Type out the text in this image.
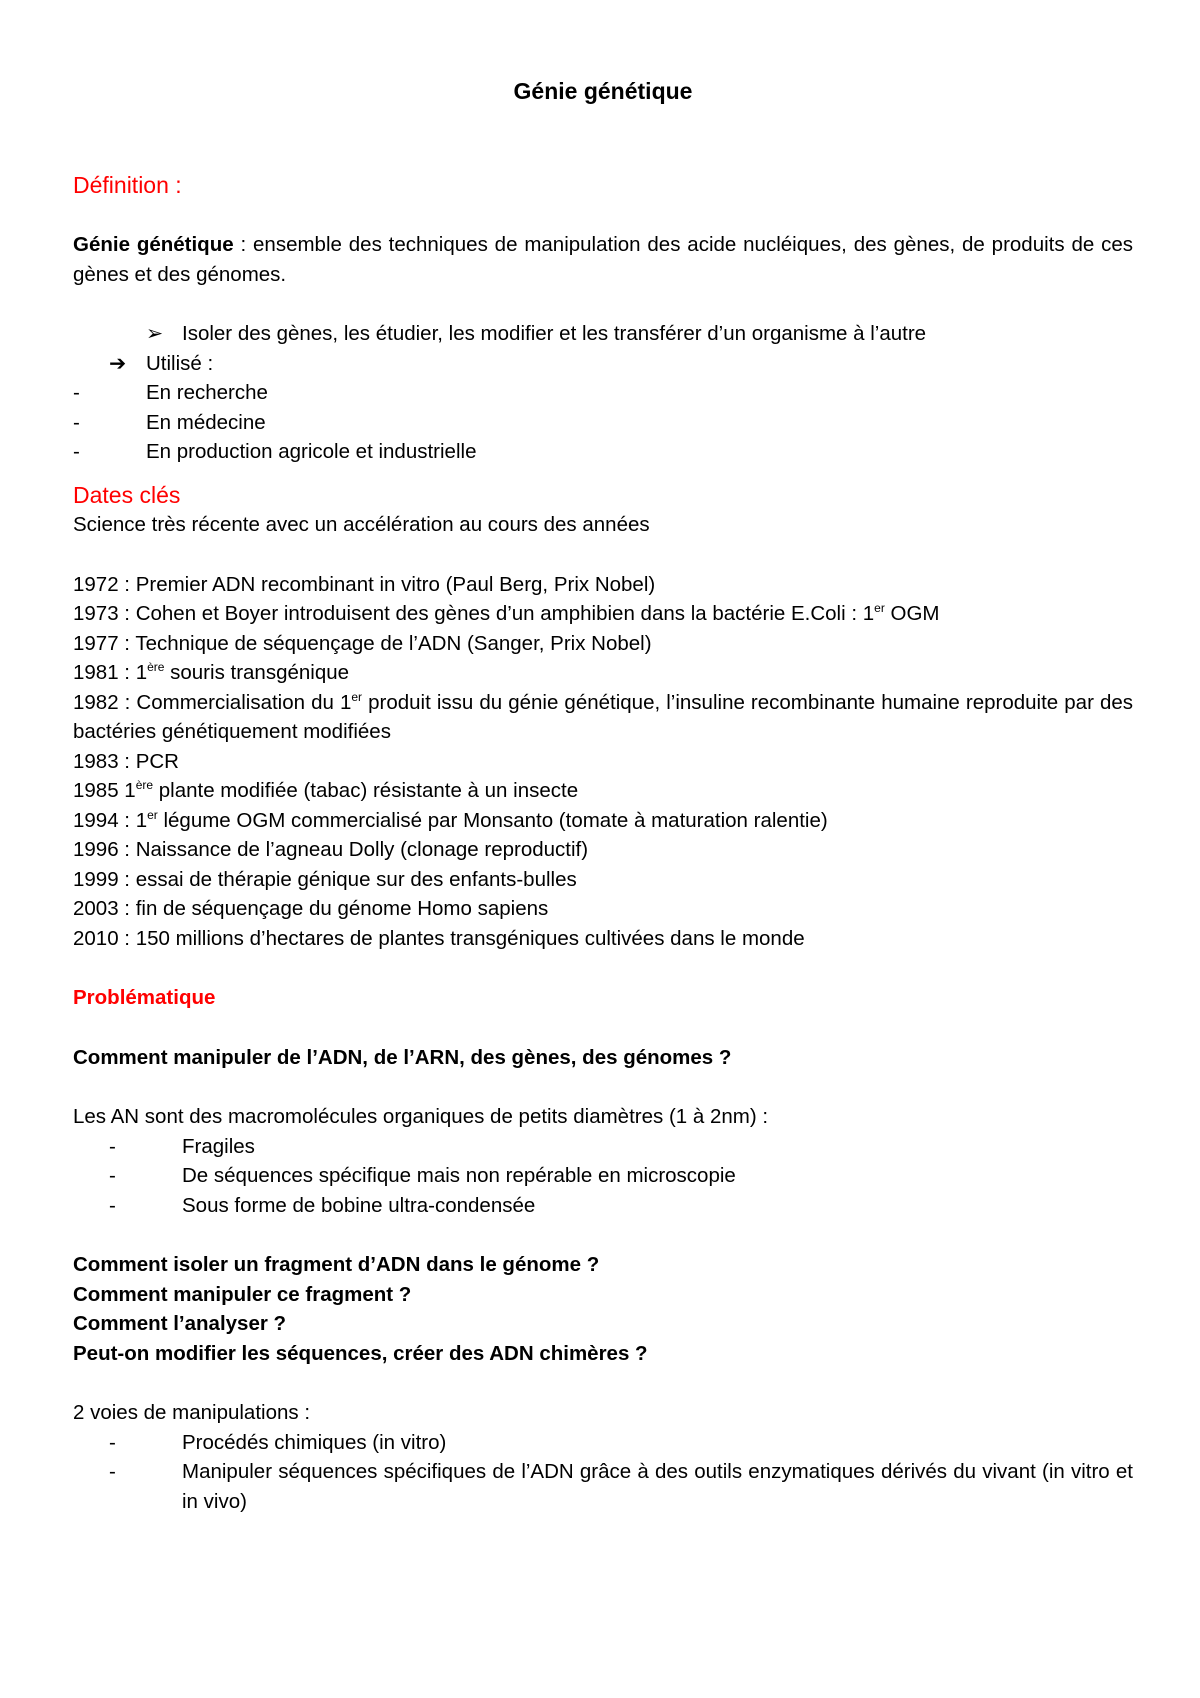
Génie génétique

Définition :

Génie génétique : ensemble des techniques de manipulation des acide nucléiques, des gènes, de produits de ces gènes et des génomes.

➢ Isoler des gènes, les étudier, les modifier et les transférer d’un organisme à l’autre

➔ Utilisé :

-	En recherche
-	En médecine
-	En production agricole et industrielle

Dates clés

Science très récente avec un accélération au cours des années

1972 : Premier ADN recombinant in vitro (Paul Berg, Prix Nobel)

1973 : Cohen et Boyer introduisent des gènes d’un amphibien dans la bactérie E.Coli : 1er OGM

1977 : Technique de séquençage de l’ADN (Sanger, Prix Nobel)

1981 : 1ère souris transgénique

1982 : Commercialisation du 1er produit issu du génie génétique, l’insuline recombinante humaine reproduite par des bactéries génétiquement modifiées

1983 : PCR

1985 1ère plante modifiée (tabac) résistante à un insecte

1994 : 1er légume OGM commercialisé par Monsanto (tomate à maturation ralentie)

1996 : Naissance de l’agneau Dolly (clonage reproductif)

1999 : essai de thérapie génique sur des enfants-bulles

2003 : fin de séquençage du génome Homo sapiens

2010 : 150 millions d’hectares de plantes transgéniques cultivées dans le monde

Problématique

Comment manipuler de l’ADN, de l’ARN, des gènes, des génomes ?

Les AN sont des macromolécules organiques de petits diamètres (1 à 2nm) :

-	Fragiles
-	De séquences spécifique mais non repérable en microscopie
-	Sous forme de bobine ultra-condensée

Comment isoler un fragment d’ADN dans le génome ?

Comment manipuler ce fragment ?

Comment l’analyser ?

Peut-on modifier les séquences, créer des ADN chimères ?

2 voies de manipulations :

-	Procédés chimiques (in vitro)
-	Manipuler séquences spécifiques de l’ADN grâce à des outils enzymatiques dérivés du vivant (in vitro et in vivo)
